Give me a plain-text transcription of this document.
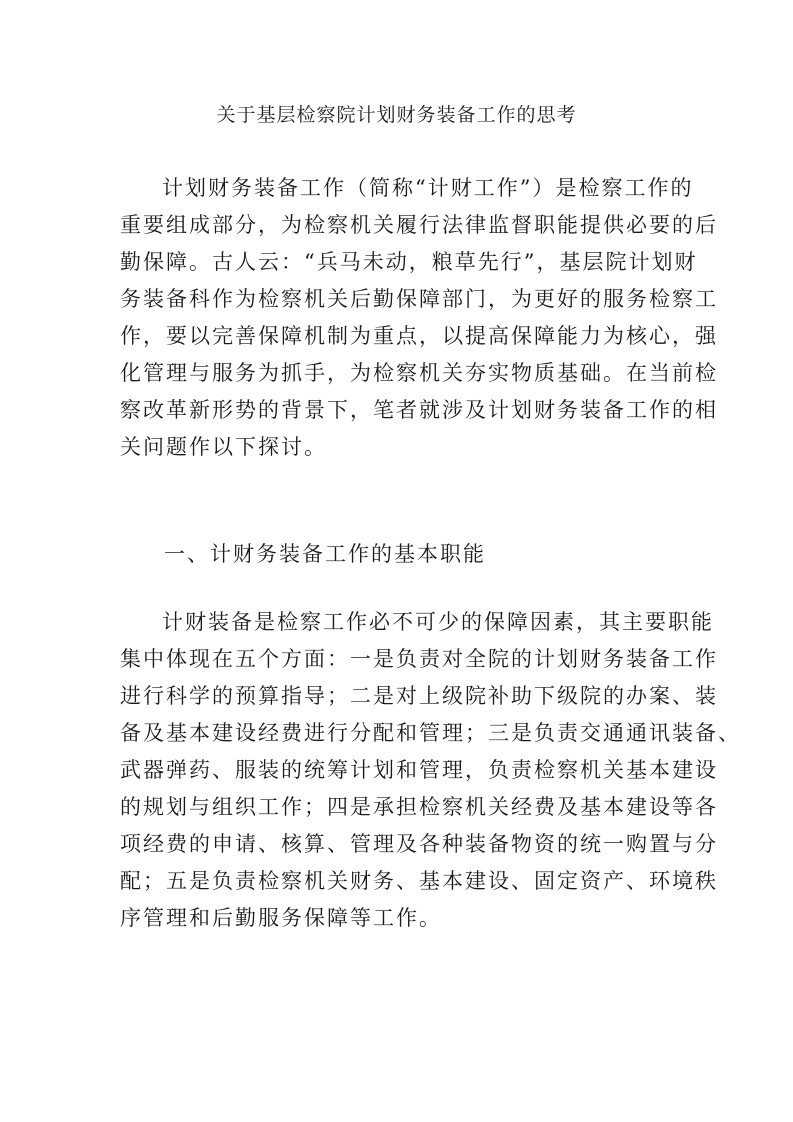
关于基层检察院计划财务装备工作的思考
计划财务装备工作（简称“计财工作”）是检察工作的
重要组成部分，为检察机关履行法律监督职能提供必要的后
勤保障。古人云：“兵马未动，粮草先行”，基层院计划财
务装备科作为检察机关后勤保障部门，为更好的服务检察工
作，要以完善保障机制为重点，以提高保障能力为核心，强
化管理与服务为抓手，为检察机关夯实物质基础。在当前检
察改革新形势的背景下，笔者就涉及计划财务装备工作的相
关问题作以下探讨。
一、计财务装备工作的基本职能
计财装备是检察工作必不可少的保障因素，其主要职能
集中体现在五个方面：一是负责对全院的计划财务装备工作
进行科学的预算指导；二是对上级院补助下级院的办案、装
备及基本建设经费进行分配和管理；三是负责交通通讯装备、
武器弹药、服装的统筹计划和管理，负责检察机关基本建设
的规划与组织工作；四是承担检察机关经费及基本建设等各
项经费的申请、核算、管理及各种装备物资的统一购置与分
配；五是负责检察机关财务、基本建设、固定资产、环境秩
序管理和后勤服务保障等工作。
